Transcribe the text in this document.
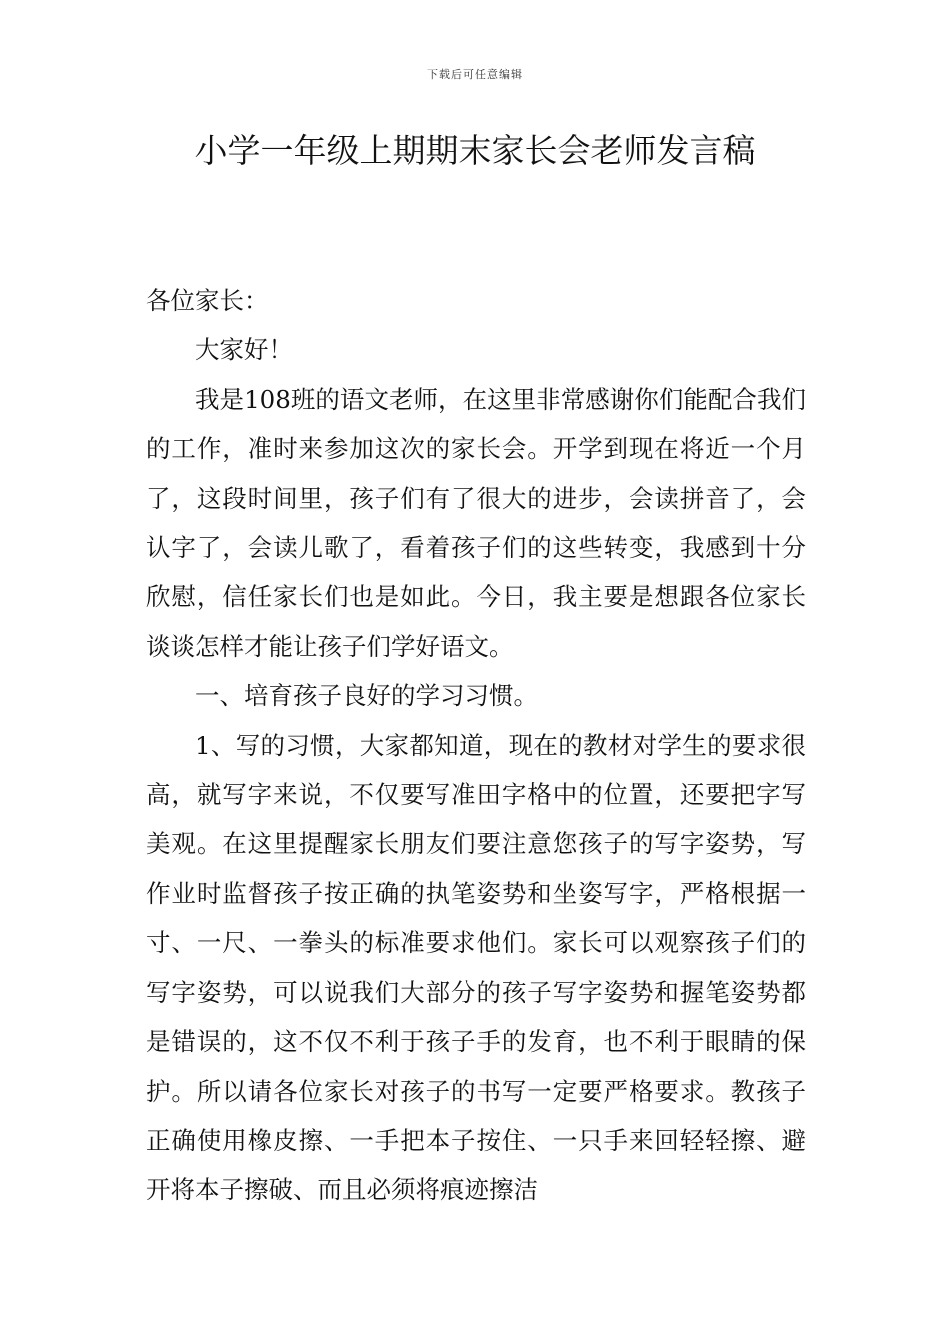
下载后可任意编辑
小学一年级上期期末家长会老师发言稿

各位家长：

大家好！

我是108班的语文老师，在这里非常感谢你们能配合我们的工作，准时来参加这次的家长会。开学到现在将近一个月了，这段时间里，孩子们有了很大的进步，会读拼音了，会认字了，会读儿歌了，看着孩子们的这些转变，我感到十分欣慰，信任家长们也是如此。今日，我主要是想跟各位家长谈谈怎样才能让孩子们学好语文。

一、培育孩子良好的学习习惯。

1、写的习惯，大家都知道，现在的教材对学生的要求很高，就写字来说，不仅要写准田字格中的位置，还要把字写美观。在这里提醒家长朋友们要注意您孩子的写字姿势，写作业时监督孩子按正确的执笔姿势和坐姿写字，严格根据一寸、一尺、一拳头的标准要求他们。家长可以观察孩子们的写字姿势，可以说我们大部分的孩子写字姿势和握笔姿势都是错误的，这不仅不利于孩子手的发育，也不利于眼睛的保护。所以请各位家长对孩子的书写一定要严格要求。教孩子正确使用橡皮擦、一手把本子按住、一只手来回轻轻擦、避开将本子擦破、而且必须将痕迹擦洁
